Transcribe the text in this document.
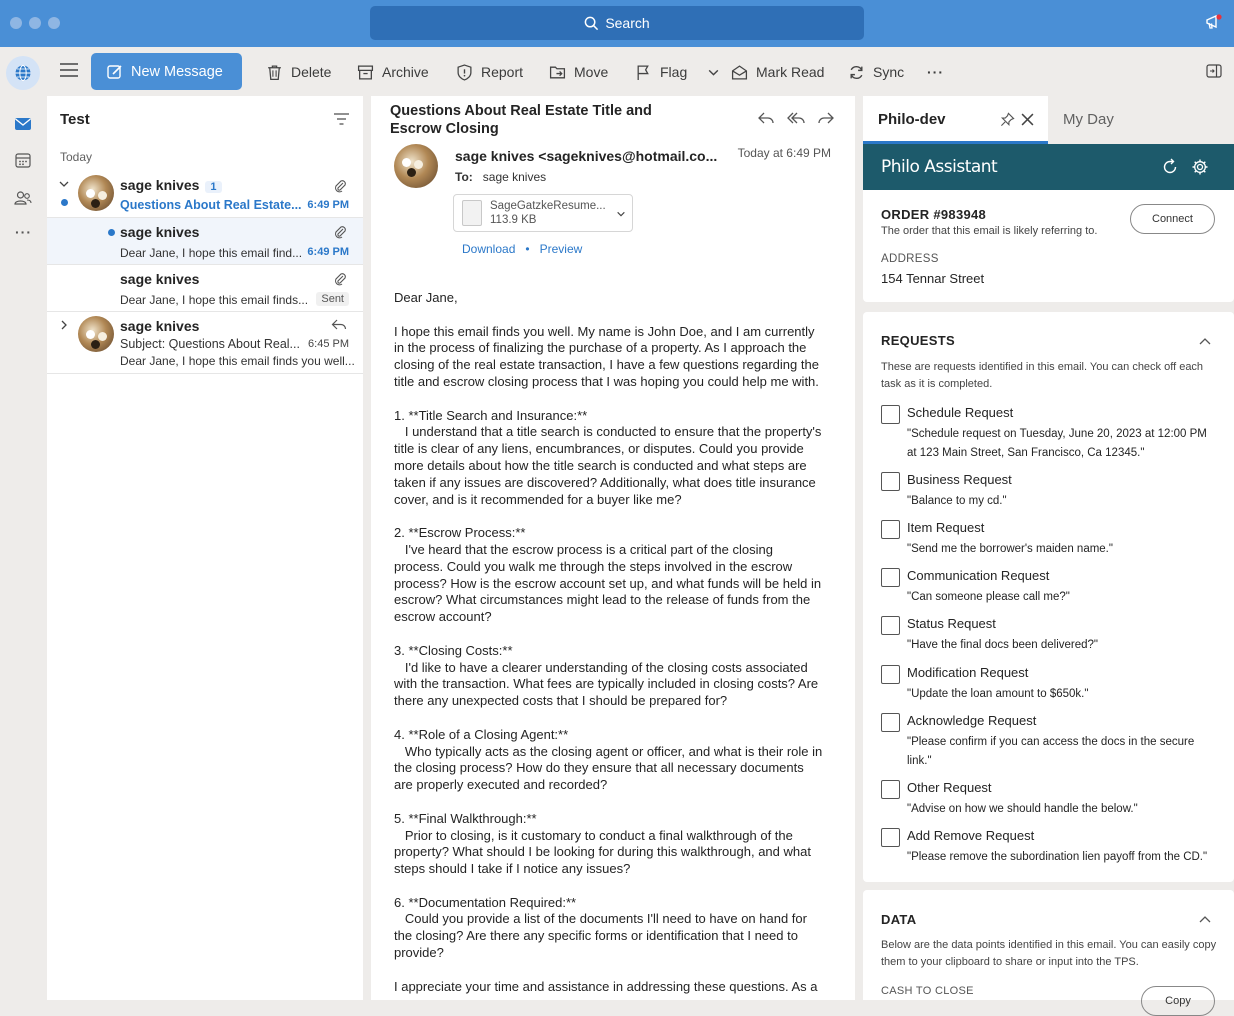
Search
New Message	Delete	Archive	Report	Move	Flag	Mark Read	Sync ···
···
Test
Today
sage knives 1
Questions About Real Estate... 6:49 PM
sage knives
Dear Jane, I hope this email find... 6:49 PM
sage knives
Dear Jane, I hope this email finds...	Sent
sage knives
Subject: Questions About Real... 6:45 PM
Dear Jane, I hope this email finds you well...
Questions About Real Estate Title and Escrow Closing
sage knives <sageknives@hotmail.co... Today at 6:49 PM
To: sage knives
SageGatzkeResume...
113.9 KB
Download • Preview
Dear Jane,

I hope this email finds you well. My name is John Doe, and I am currently in the process of finalizing the purchase of a property. As I approach the closing of the real estate transaction, I have a few questions regarding the title and escrow closing process that I was hoping you could help me with.

1. **Title Search and Insurance:**
I understand that a title search is conducted to ensure that the property's title is clear of any liens, encumbrances, or disputes. Could you provide more details about how the title search is conducted and what steps are taken if any issues are discovered? Additionally, what does title insurance cover, and is it recommended for a buyer like me?

2. **Escrow Process:**
I've heard that the escrow process is a critical part of the closing process. Could you walk me through the steps involved in the escrow process? How is the escrow account set up, and what funds will be held in escrow? What circumstances might lead to the release of funds from the escrow account?

3. **Closing Costs:**
I'd like to have a clearer understanding of the closing costs associated with the transaction. What fees are typically included in closing costs? Are there any unexpected costs that I should be prepared for?

4. **Role of a Closing Agent:**
Who typically acts as the closing agent or officer, and what is their role in the closing process? How do they ensure that all necessary documents are properly executed and recorded?

5. **Final Walkthrough:**
Prior to closing, is it customary to conduct a final walkthrough of the property? What should I be looking for during this walkthrough, and what steps should I take if I notice any issues?

6. **Documentation Required:**
Could you provide a list of the documents I'll need to have on hand for the closing? Are there any specific forms or identification that I need to provide?

I appreciate your time and assistance in addressing these questions. As a
Philo-dev	My Day
Philo Assistant
ORDER #983948
The order that this email is likely referring to.
Connect
ADDRESS
154 Tennar Street
REQUESTS
These are requests identified in this email. You can check off each task as it is completed.
Schedule Request
"Schedule request on Tuesday, June 20, 2023 at 12:00 PM at 123 Main Street, San Francisco, Ca 12345."
Business Request
"Balance to my cd."
Item Request
"Send me the borrower's maiden name."
Communication Request
"Can someone please call me?"
Status Request
"Have the final docs been delivered?"
Modification Request
"Update the loan amount to $650k."
Acknowledge Request
"Please confirm if you can access the docs in the secure link."
Other Request
"Advise on how we should handle the below."
Add Remove Request
"Please remove the subordination lien payoff from the CD."
DATA
Below are the data points identified in this email. You can easily copy them to your clipboard to share or input into the TPS.
CASH TO CLOSE
Copy
